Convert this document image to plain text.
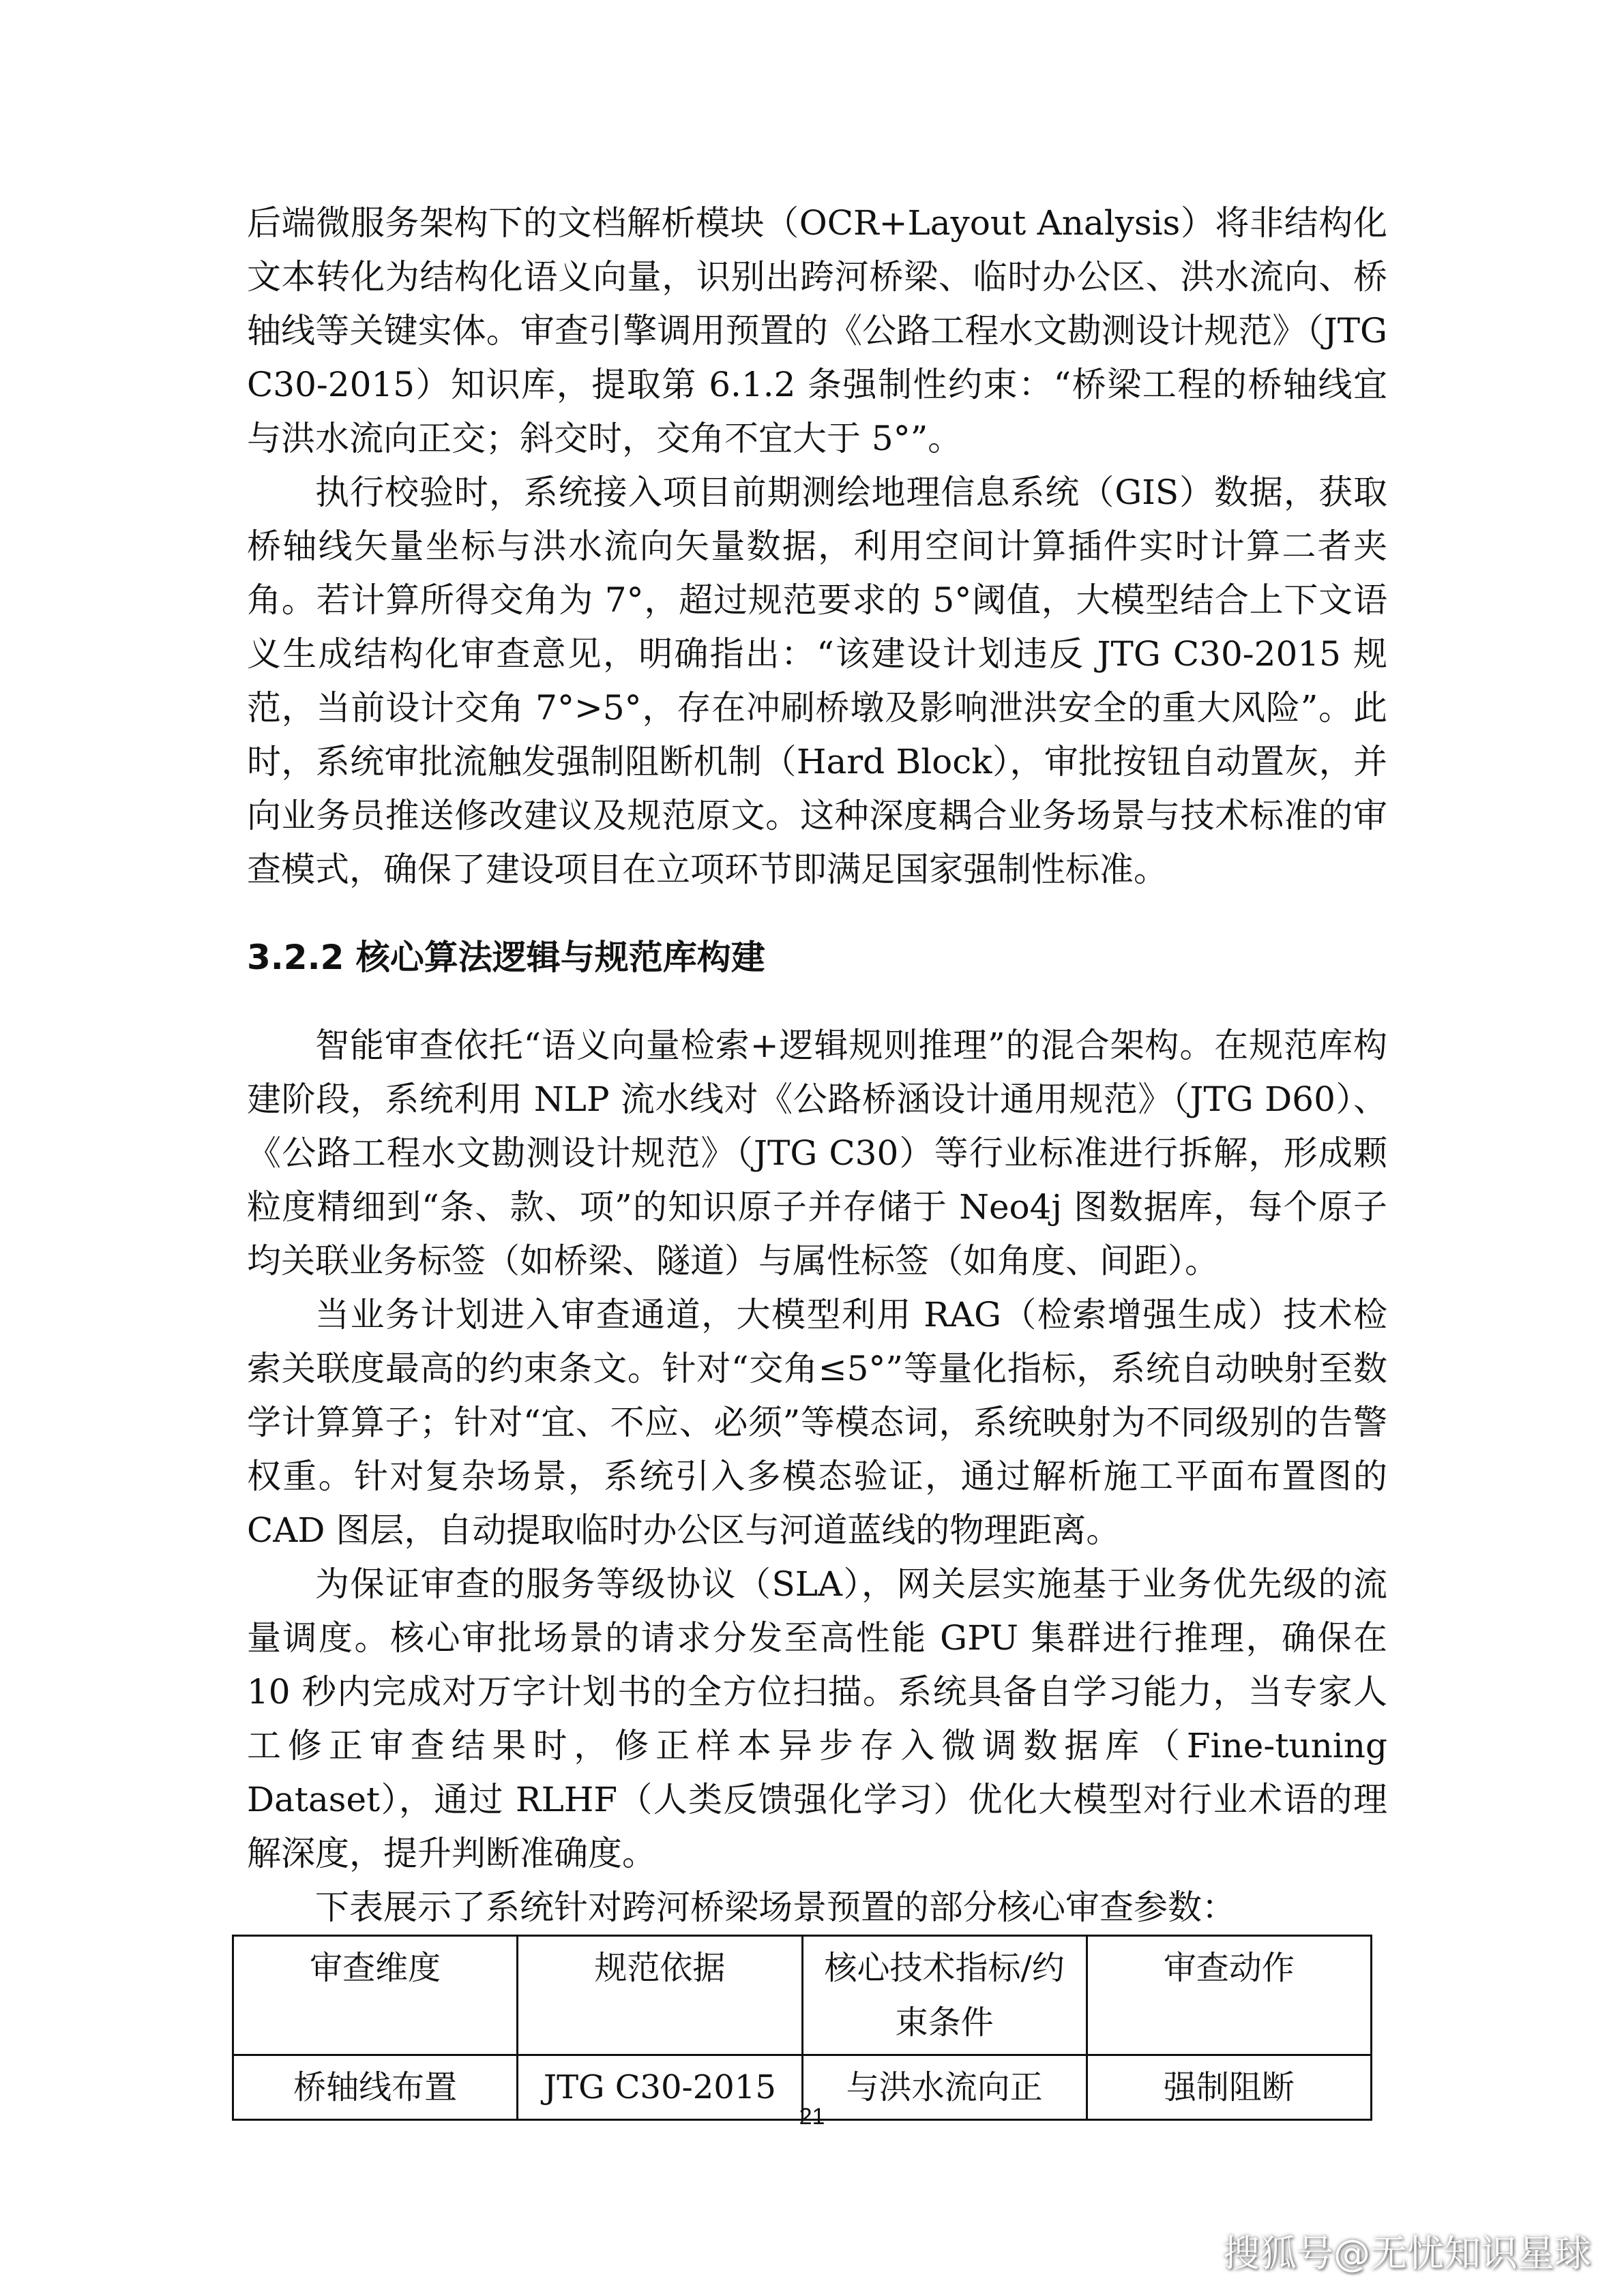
后端微服务架构下的文档解析模块（OCR+Layout Analysis）将非结构化文本转化为结构化语义向量，识别出跨河桥梁、临时办公区、洪水流向、桥轴线等关键实体。审查引擎调用预置的《公路工程水文勘测设计规范》（JTG C30-2015）知识库，提取第 6.1.2 条强制性约束：“桥梁工程的桥轴线宜与洪水流向正交；斜交时，交角不宜大于 5°”。

执行校验时，系统接入项目前期测绘地理信息系统（GIS）数据，获取桥轴线矢量坐标与洪水流向矢量数据，利用空间计算插件实时计算二者夹角。若计算所得交角为 7°，超过规范要求的 5°阈值，大模型结合上下文语义生成结构化审查意见，明确指出：“该建设计划违反 JTG C30-2015 规范，当前设计交角 7°>5°，存在冲刷桥墩及影响泄洪安全的重大风险”。此时，系统审批流触发强制阻断机制（Hard Block），审批按钮自动置灰，并向业务员推送修改建议及规范原文。这种深度耦合业务场景与技术标准的审查模式，确保了建设项目在立项环节即满足国家强制性标准。

3.2.2 核心算法逻辑与规范库构建

智能审查依托“语义向量检索+逻辑规则推理”的混合架构。在规范库构建阶段，系统利用 NLP 流水线对《公路桥涵设计通用规范》（JTG D60）、《公路工程水文勘测设计规范》（JTG C30）等行业标准进行拆解，形成颗粒度精细到“条、款、项”的知识原子并存储于 Neo4j 图数据库，每个原子均关联业务标签（如桥梁、隧道）与属性标签（如角度、间距）。

当业务计划进入审查通道，大模型利用 RAG（检索增强生成）技术检索关联度最高的约束条文。针对“交角≤5°”等量化指标，系统自动映射至数学计算算子；针对“宜、不应、必须”等模态词，系统映射为不同级别的告警权重。针对复杂场景，系统引入多模态验证，通过解析施工平面布置图的 CAD 图层，自动提取临时办公区与河道蓝线的物理距离。

为保证审查的服务等级协议（SLA），网关层实施基于业务优先级的流量调度。核心审批场景的请求分发至高性能 GPU 集群进行推理，确保在 10 秒内完成对万字计划书的全方位扫描。系统具备自学习能力，当专家人工修正审查结果时，修正样本异步存入微调数据库（Fine-tuning Dataset），通过 RLHF（人类反馈强化学习）优化大模型对行业术语的理解深度，提升判断准确度。

下表展示了系统针对跨河桥梁场景预置的部分核心审查参数：

审查维度	规范依据	核心技术指标/约束条件	审查动作
桥轴线布置	JTG C30-2015	与洪水流向正	强制阻断
21
搜狐号@无忧知识星球
